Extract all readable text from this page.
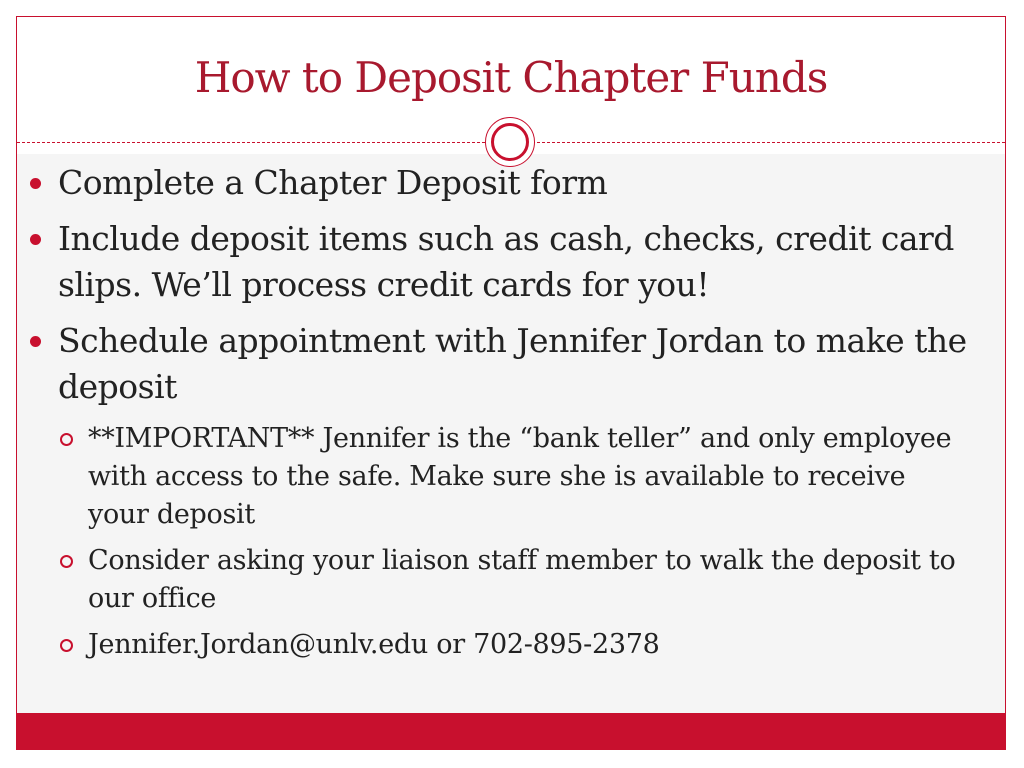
How to Deposit Chapter Funds
Complete a Chapter Deposit form
Include deposit items such as cash, checks, credit card slips. We’ll process credit cards for you!
Schedule appointment with Jennifer Jordan to make the deposit
**IMPORTANT** Jennifer is the “bank teller” and only employee with access to the safe. Make sure she is available to receive your deposit
Consider asking your liaison staff member to walk the deposit to our office
Jennifer.Jordan@unlv.edu or 702-895-2378
